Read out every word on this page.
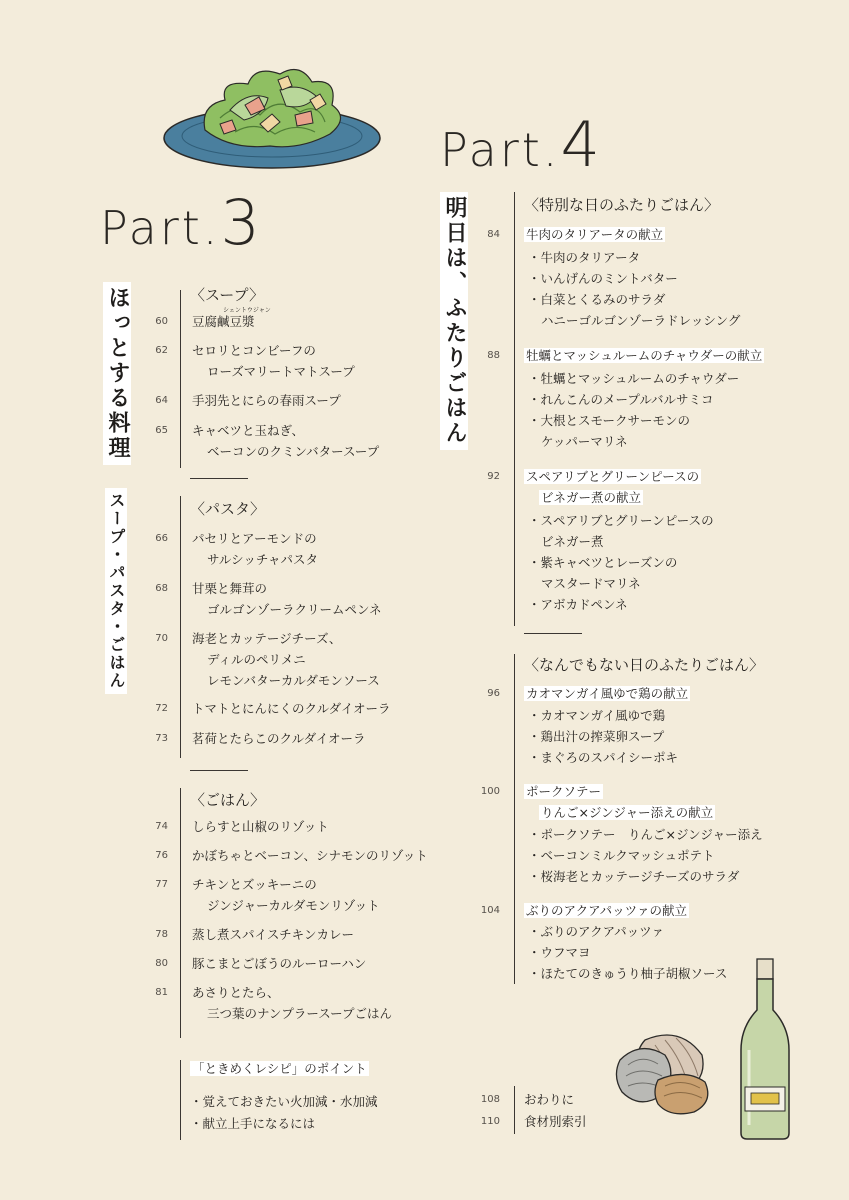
Part.3
Part.4
ほっとする料理
スープ・パスタ・ごはん
明日は、ふたりごはん
〈スープ〉
シェントウジャン
60 豆腐鹹豆漿
62 セロリとコンビーフの
ローズマリートマトスープ
64 手羽先とにらの春雨スープ
65 キャベツと玉ねぎ、
ベーコンのクミンバタースープ
〈パスタ〉
66 パセリとアーモンドの
サルシッチャパスタ
68 甘栗と舞茸の
ゴルゴンゾーラクリームペンネ
70 海老とカッテージチーズ、
ディルのペリメニ
レモンバターカルダモンソース
72 トマトとにんにくのクルダイオーラ
73 茗荷とたらこのクルダイオーラ
〈ごはん〉
74 しらすと山椒のリゾット
76 かぼちゃとベーコン、シナモンのリゾット
77 チキンとズッキーニの
ジンジャーカルダモンリゾット
78 蒸し煮スパイスチキンカレー
80 豚こまとごぼうのルーローハン
81 あさりとたら、
三つ葉のナンプラースープごはん
「ときめくレシピ」のポイント
・覚えておきたい火加減・水加減
・献立上手になるには
〈特別な日のふたりごはん〉
84 牛肉のタリアータの献立
・牛肉のタリアータ
・いんげんのミントバター
・白菜とくるみのサラダ
ハニーゴルゴンゾーラドレッシング
88 牡蠣とマッシュルームのチャウダーの献立
・牡蠣とマッシュルームのチャウダー
・れんこんのメープルバルサミコ
・大根とスモークサーモンの
ケッパーマリネ
92 スペアリブとグリーンピースの
ビネガー煮の献立
・スペアリブとグリーンピースの
ビネガー煮
・紫キャベツとレーズンの
マスタードマリネ
・アボカドペンネ
〈なんでもない日のふたりごはん〉
96 カオマンガイ風ゆで鶏の献立
・カオマンガイ風ゆで鶏
・鶏出汁の搾菜卵スープ
・まぐろのスパイシーポキ
100 ポークソテー
りんご×ジンジャー添えの献立
・ポークソテー　りんご×ジンジャー添え
・ベーコンミルクマッシュポテト
・桜海老とカッテージチーズのサラダ
104 ぶりのアクアパッツァの献立
・ぶりのアクアパッツァ
・ウフマヨ
・ほたてのきゅうり柚子胡椒ソース
108 おわりに
110 食材別索引
